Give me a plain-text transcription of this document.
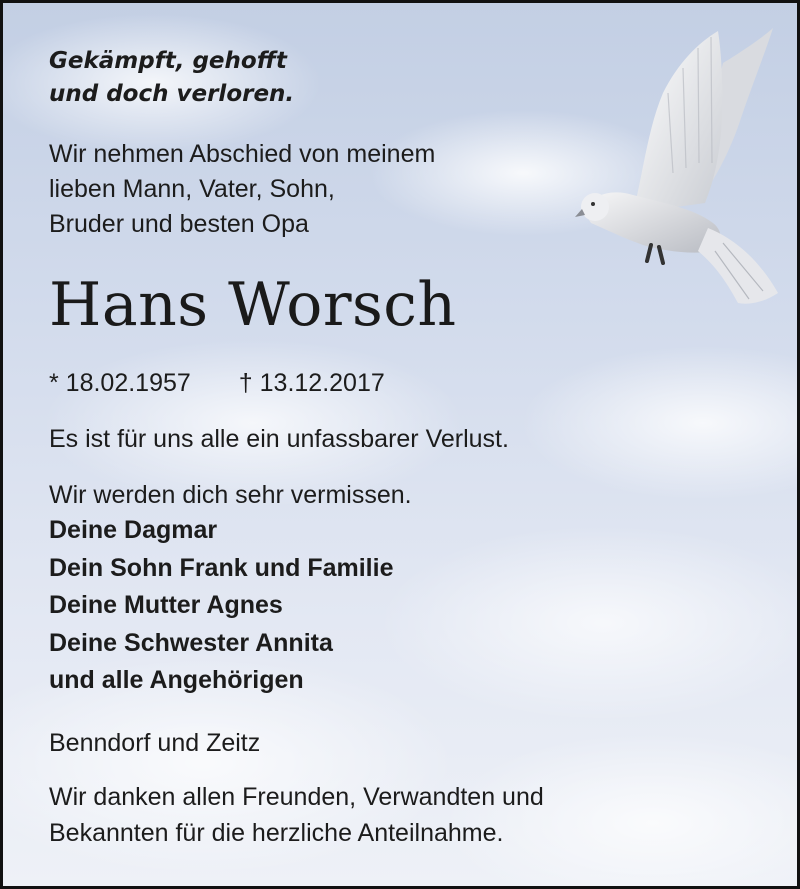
Gekämpft, gehofft
und doch verloren.
Wir nehmen Abschied von meinem
lieben Mann, Vater, Sohn,
Bruder und besten Opa
Hans Worsch
* 18.02.1957 † 13.12.2017
Es ist für uns alle ein unfassbarer Verlust.
Wir werden dich sehr vermissen.
Deine Dagmar
Dein Sohn Frank und Familie
Deine Mutter Agnes
Deine Schwester Annita
und alle Angehörigen
Benndorf und Zeitz
Wir danken allen Freunden, Verwandten und
Bekannten für die herzliche Anteilnahme.
